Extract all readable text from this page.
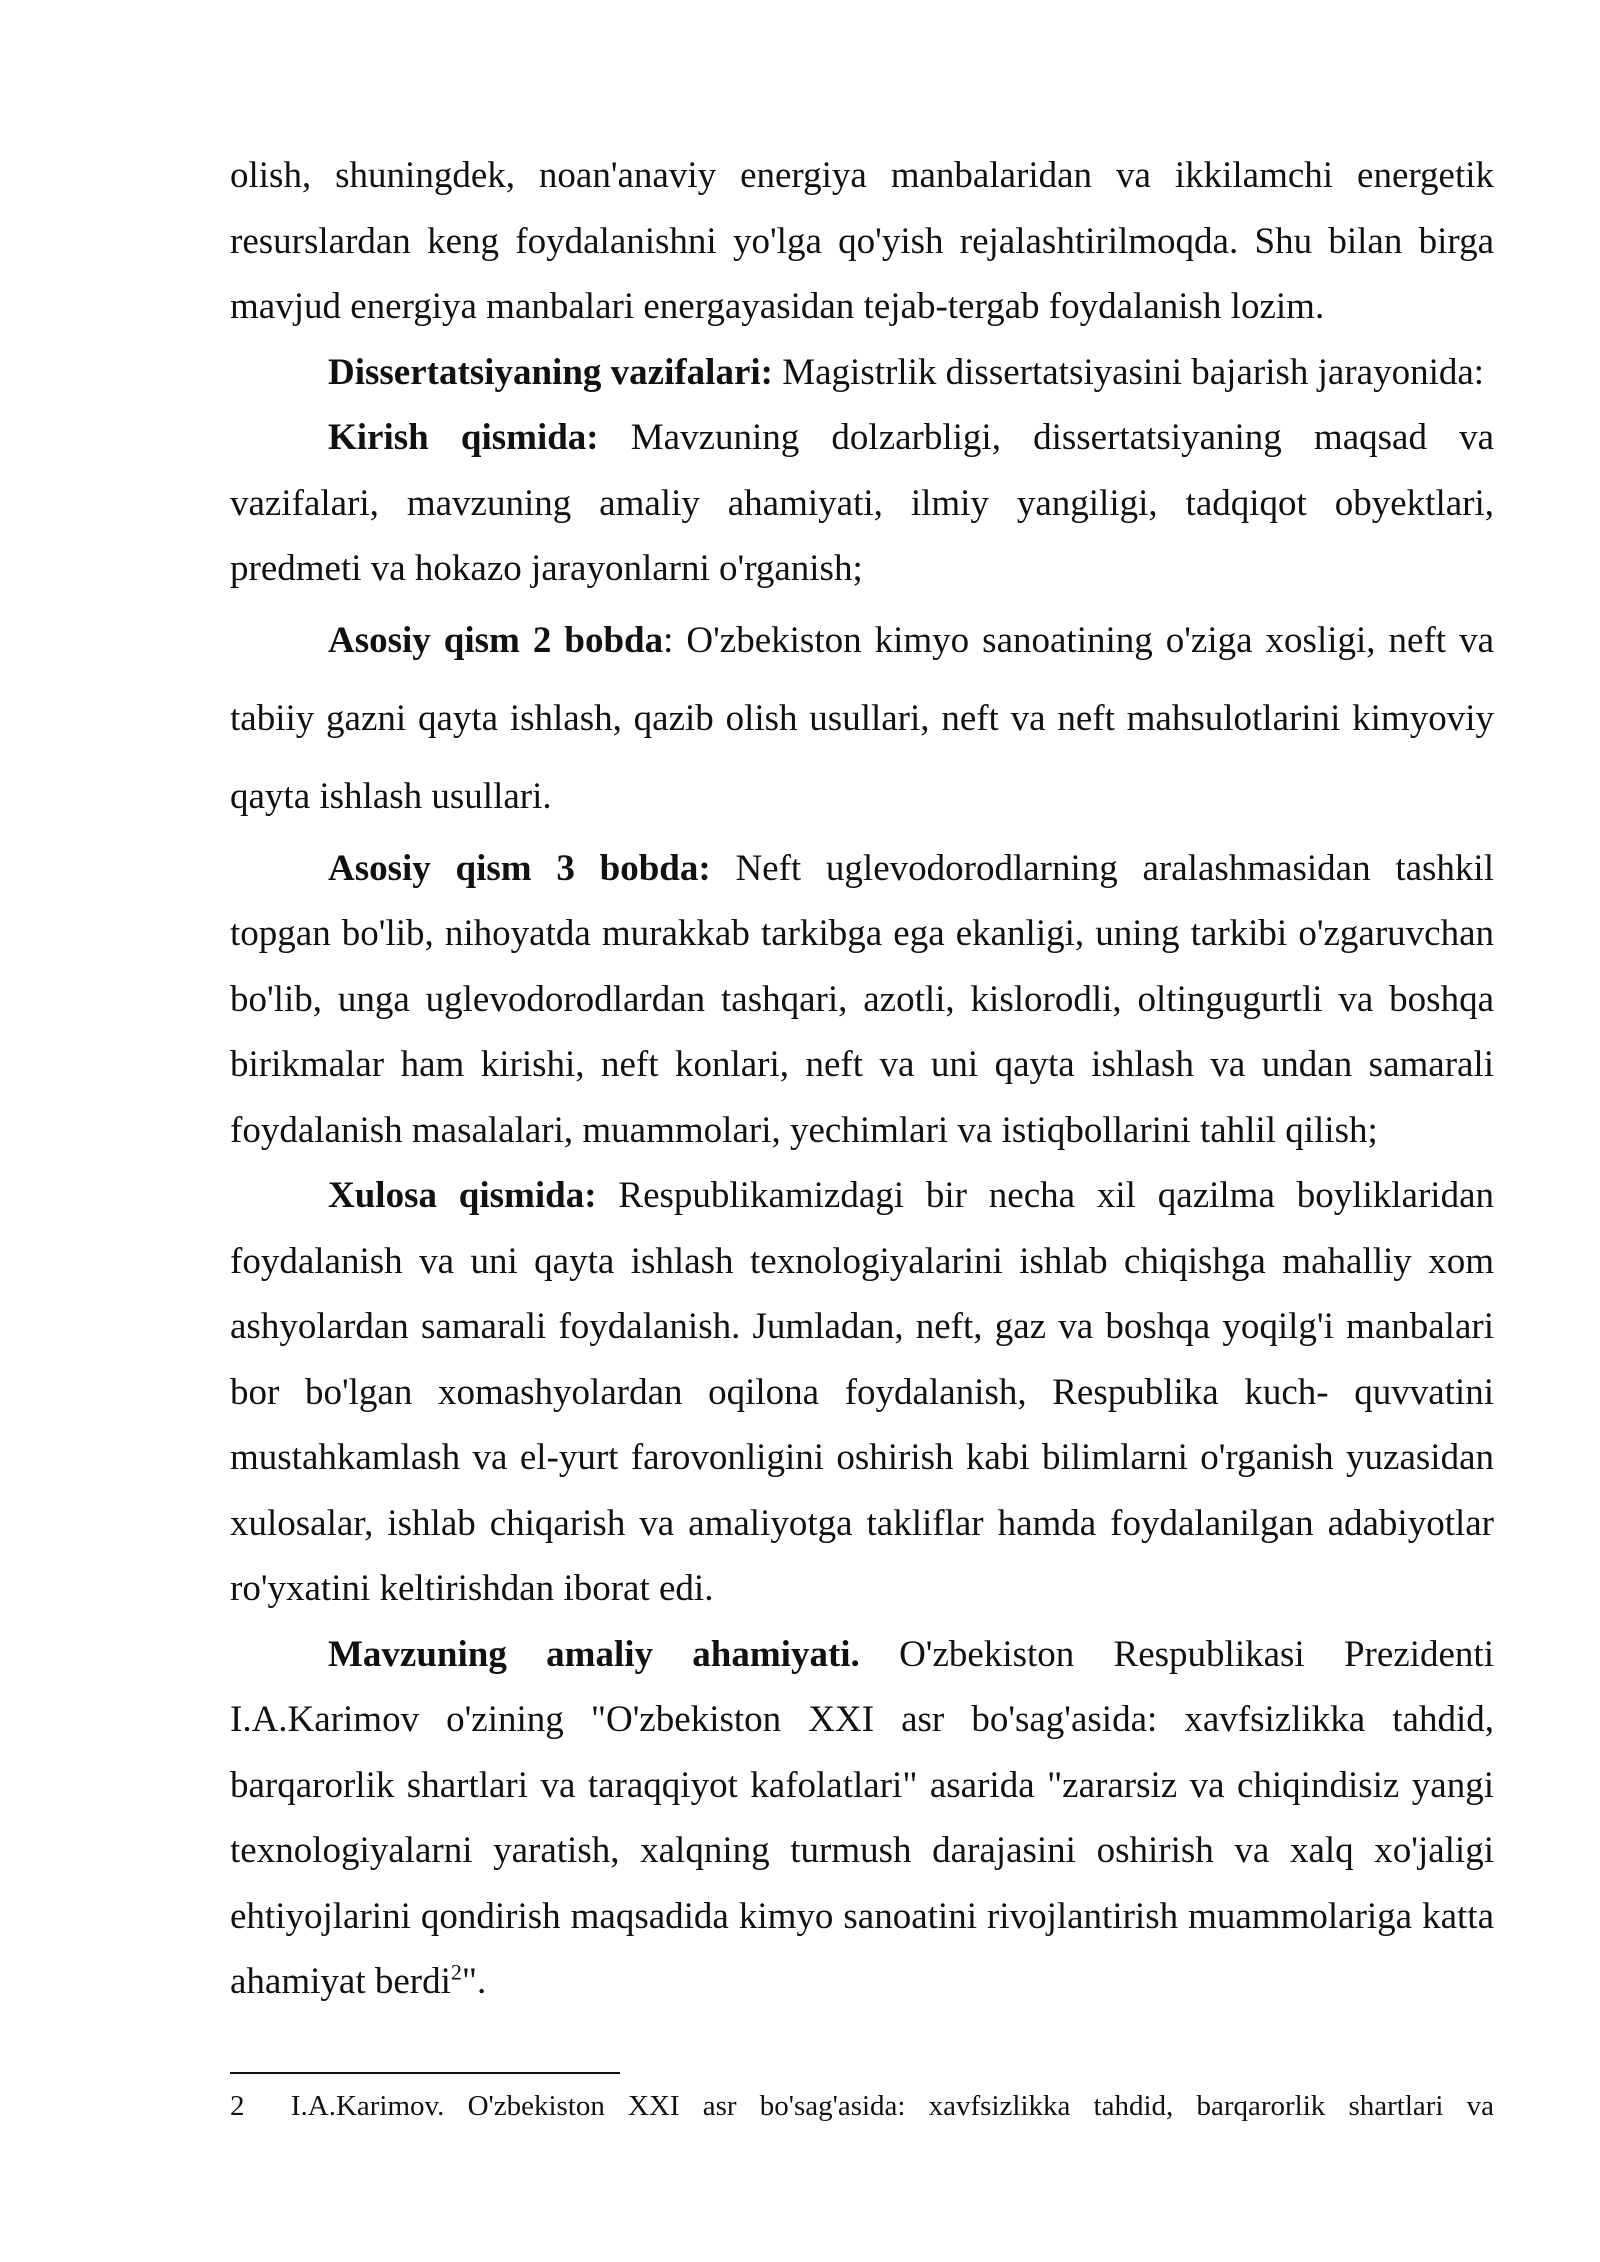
olish, shuningdek, noan'anaviy energiya manbalaridan va ikkilamchi energetik resurslardan keng foydalanishni yo'lga qo'yish rejalashtirilmoqda. Shu bilan birga mavjud energiya manbalari energayasidan tejab-tergab foydalanish lozim.

Dissertatsiyaning vazifalari: Magistrlik dissertatsiyasini bajarish jarayonida:

Kirish qismida: Mavzuning dolzarbligi, dissertatsiyaning maqsad va vazifalari, mavzuning amaliy ahamiyati, ilmiy yangiligi, tadqiqot obyektlari, predmeti va hokazo jarayonlarni o'rganish;

Asosiy qism 2 bobda: O'zbekiston kimyo sanoatining o'ziga xosligi, neft va tabiiy gazni qayta ishlash, qazib olish usullari, neft va neft mahsulotlarini kimyoviy qayta ishlash usullari.

Asosiy qism 3 bobda: Neft uglevodorodlarning aralashmasidan tashkil topgan bo'lib, nihoyatda murakkab tarkibga ega ekanligi, uning tarkibi o'zgaruvchan bo'lib, unga uglevodorodlardan tashqari, azotli, kislorodli, oltingugurtli va boshqa birikmalar ham kirishi, neft konlari, neft va uni qayta ishlash va undan samarali foydalanish masalalari, muammolari, yechimlari va istiqbollarini tahlil qilish;

Xulosa qismida: Respublikamizdagi bir necha xil qazilma boyliklaridan foydalanish va uni qayta ishlash texnologiyalarini ishlab chiqishga mahalliy xom ashyolardan samarali foydalanish. Jumladan, neft, gaz va boshqa yoqilg'i manbalari bor bo'lgan xomashyolardan oqilona foydalanish, Respublika kuch- quvvatini mustahkamlash va el-yurt farovonligini oshirish kabi bilimlarni o'rganish yuzasidan xulosalar, ishlab chiqarish va amaliyotga takliflar hamda foydalanilgan adabiyotlar ro'yxatini keltirishdan iborat edi.

Mavzuning amaliy ahamiyati. O'zbekiston Respublikasi Prezidenti I.A.Karimov o'zining "O'zbekiston XXI asr bo'sag'asida: xavfsizlikka tahdid, barqarorlik shartlari va taraqqiyot kafolatlari" asarida "zararsiz va chiqindisiz yangi texnologiyalarni yaratish, xalqning turmush darajasini oshirish va xalq xo'jaligi ehtiyojlarini qondirish maqsadida kimyo sanoatini rivojlantirish muammolariga katta ahamiyat berdi$^2$".

2 I.A.Karimov. O'zbekiston XXI asr bo'sag'asida: xavfsizlikka tahdid, barqarorlik shartlari va
